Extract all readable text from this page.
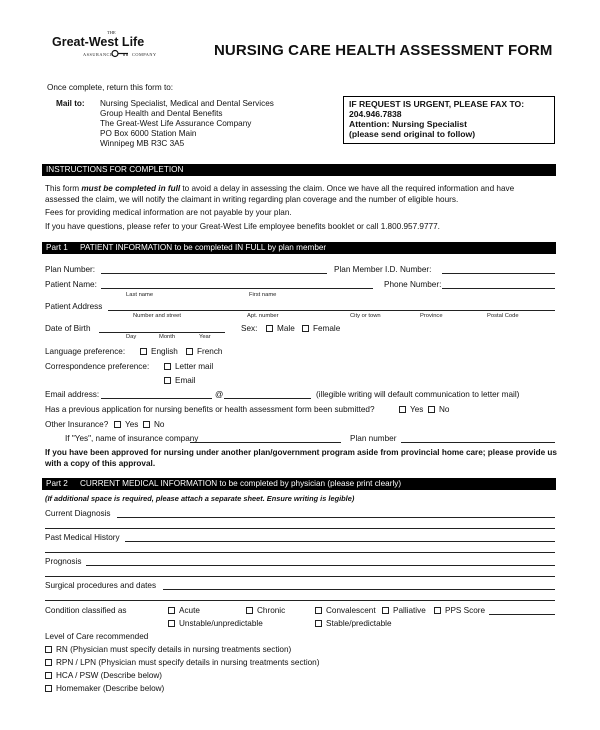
THE
Great-West Life
ASSURANCE	COMPANY	NURSING CARE HEALTH ASSESSMENT FORM
Once complete, return this form to:
Mail to: Nursing Specialist, Medical and Dental Services
Group Health and Dental Benefits
The Great-West Life Assurance Company
PO Box 6000 Station Main
Winnipeg MB R3C 3A5
IF REQUEST IS URGENT, PLEASE FAX TO:
204.946.7838
Attention: Nursing Specialist
(please send original to follow)
INSTRUCTIONS FOR COMPLETION
This form must be completed in full to avoid a delay in assessing the claim. Once we have all the required information and have
assessed the claim, we will notify the claimant in writing regarding plan coverage and the number of eligible hours.
Fees for providing medical information are not payable by your plan.
If you have questions, please refer to your Great-West Life employee benefits booklet or call 1.800.957.9777.
Part 1 PATIENT INFORMATION to be completed IN FULL by plan member
Plan Number:	Plan Member I.D. Number:
Patient Name:	Phone Number:
Last name	First name
Patient Address
Number and street	Apt. number	City or town	Province	Postal Code
Date of Birth
Day	Month	Year
Sex:	Male	Female
Language preference:	English	French
Correspondence preference:	Letter mail
Email
Email address:	@	(illegible writing will default communication to letter mail)
Has a previous application for nursing benefits or health assessment form been submitted?	Yes	No
Other Insurance?	Yes	No
If "Yes", name of insurance company	Plan number
If you have been approved for nursing under another plan/government program aside from provincial home care; please provide us with a copy of this approval.
Part 2 CURRENT MEDICAL INFORMATION to be completed by physician (please print clearly)
(If additional space is required, please attach a separate sheet. Ensure writing is legible)
Current Diagnosis
Past Medical History
Prognosis
Surgical procedures and dates
Condition classified as	Acute	Chronic	Convalescent	Palliative	PPS Score
Unstable/unpredictable	Stable/predictable
Level of Care recommended
RN (Physician must specify details in nursing treatments section)
RPN / LPN (Physician must specify details in nursing treatments section)
HCA / PSW (Describe below)
Homemaker (Describe below)
